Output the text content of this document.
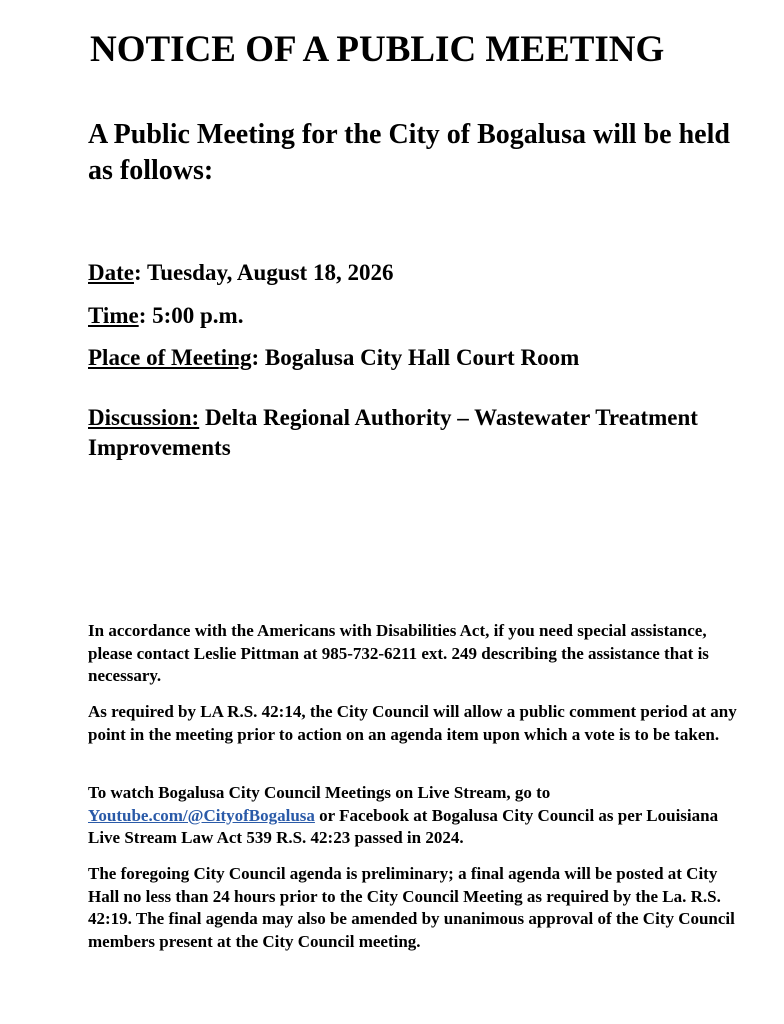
NOTICE OF A PUBLIC MEETING

A Public Meeting for the City of Bogalusa will be held as follows:

Date: Tuesday, August 18, 2026

Time: 5:00 p.m.

Place of Meeting: Bogalusa City Hall Court Room

Discussion: Delta Regional Authority – Wastewater Treatment Improvements

In accordance with the Americans with Disabilities Act, if you need special assistance, please contact Leslie Pittman at 985-732-6211 ext. 249 describing the assistance that is necessary.

As required by LA R.S. 42:14, the City Council will allow a public comment period at any point in the meeting prior to action on an agenda item upon which a vote is to be taken.

To watch Bogalusa City Council Meetings on Live Stream, go to Youtube.com/@CityofBogalusa or Facebook at Bogalusa City Council as per Louisiana Live Stream Law Act 539 R.S. 42:23 passed in 2024.

The foregoing City Council agenda is preliminary; a final agenda will be posted at City Hall no less than 24 hours prior to the City Council Meeting as required by the La. R.S. 42:19. The final agenda may also be amended by unanimous approval of the City Council members present at the City Council meeting.
